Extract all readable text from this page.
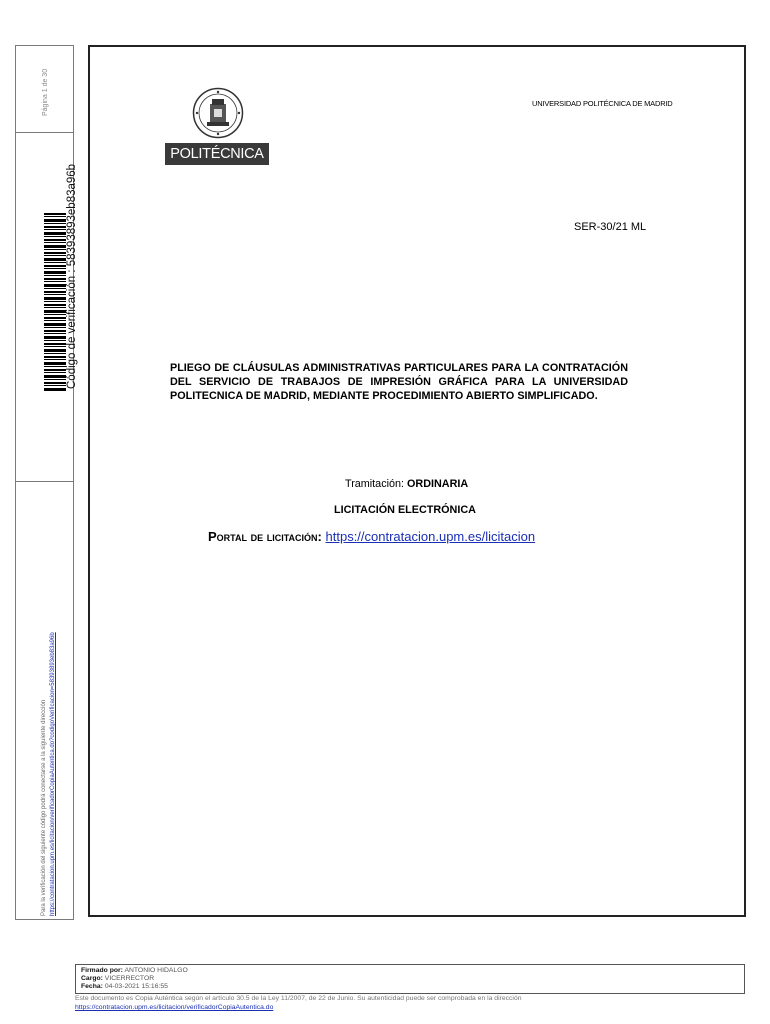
Página 1 de 30
Código de verificación : 58393893eb83a96b
Para la verificación del siguiente código podrá conectarse a la siguiente dirección https://contratacion.upm.es/licitacion/verificadorCopiaAutentica.do?codigoVerificacion=58393893eb83a96b
POLITÉCNICA
UNIVERSIDAD POLITÉCNICA DE MADRID
SER-30/21 ML
PLIEGO DE CLÁUSULAS ADMINISTRATIVAS PARTICULARES PARA LA CONTRATACIÓN DEL SERVICIO DE TRABAJOS DE IMPRESIÓN GRÁFICA PARA LA UNIVERSIDAD POLITECNICA DE MADRID, MEDIANTE PROCEDIMIENTO ABIERTO SIMPLIFICADO.
Tramitación: ORDINARIA
LICITACIÓN ELECTRÓNICA
Portal de licitación: https://contratacion.upm.es/licitacion
Firmado por: ANTONIO HIDALGO
Cargo: VICERRECTOR
Fecha: 04-03-2021 15:16:55
Este documento es Copia Auténtica según el artículo 30.5 de la Ley 11/2007, de 22 de Junio. Su autenticidad puede ser comprobada en la dirección
https://contratacion.upm.es/licitacion/verificadorCopiaAutentica.do
